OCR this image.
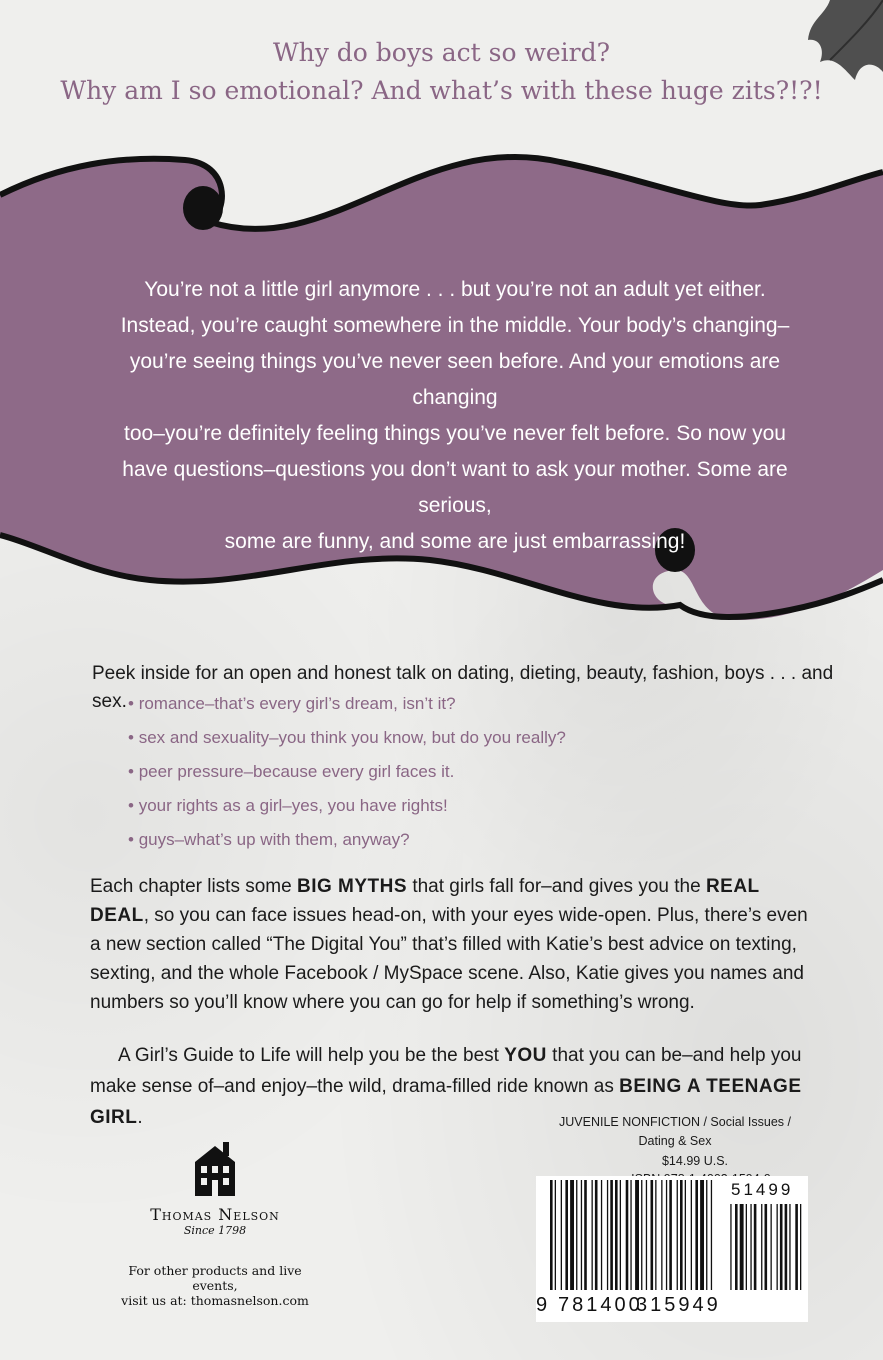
Why do boys act so weird?
Why am I so emotional? And what’s with these huge zits?!?!
You’re not a little girl anymore . . . but you’re not an adult yet either.
Instead, you’re caught somewhere in the middle. Your body’s changing–
you’re seeing things you’ve never seen before. And your emotions are changing
too–you’re definitely feeling things you’ve never felt before. So now you
have questions–questions you don’t want to ask your mother. Some are serious,
some are funny, and some are just embarrassing!
Peek inside for an open and honest talk on dating, dieting, beauty, fashion, boys . . . and sex.
• romance–that’s every girl’s dream, isn’t it?
• sex and sexuality–you think you know, but do you really?
• peer pressure–because every girl faces it.
• your rights as a girl–yes, you have rights!
• guys–what’s up with them, anyway?
Each chapter lists some BIG MYTHS that girls fall for–and gives you the REAL DEAL, so you can face issues head-on, with your eyes wide-open. Plus, there’s even a new section called “The Digital You” that’s filled with Katie’s best advice on texting, sexting, and the whole Facebook / MySpace scene. Also, Katie gives you names and numbers so you’ll know where you can go for help if something’s wrong.
A Girl’s Guide to Life will help you be the best YOU that you can be–and help you make sense of–and enjoy–the wild, drama-filled ride known as BEING A TEENAGE GIRL.	JUVENILE NONFICTION / Social Issues /
Dating & Sex
$14.99 U.S.
51499
9 781400
315949
Thomas Nelson
Since 1798
For other products and live events,
visit us at: thomasnelson.com
